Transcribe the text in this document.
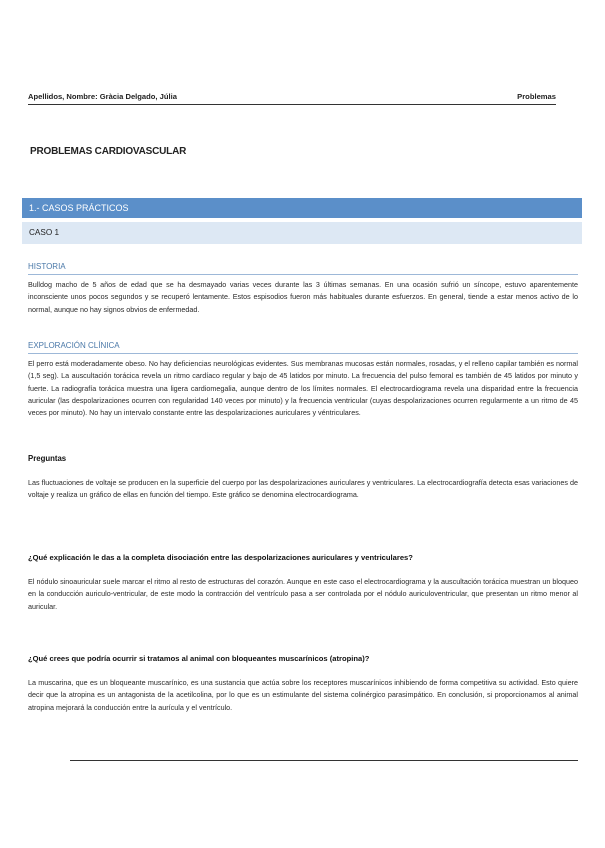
Apellidos, Nombre: Gràcia Delgado, Júlia	Problemas
PROBLEMAS CARDIOVASCULAR
1.- CASOS PRÁCTICOS
CASO 1
HISTORIA
Bulldog macho de 5 años de edad que se ha desmayado varias veces durante las 3 últimas semanas. En una ocasión sufrió un síncope, estuvo aparentemente inconsciente unos pocos segundos y se recuperó lentamente. Estos espisodios fueron más habituales durante esfuerzos. En general, tiende a estar menos activo de lo normal, aunque no hay signos obvios de enfermedad.
EXPLORACIÓN CLÍNICA
El perro está moderadamente obeso. No hay deficiencias neurológicas evidentes. Sus membranas mucosas están normales, rosadas, y el relleno capilar también es normal (1,5 seg). La auscultación torácica revela un ritmo cardíaco regular y bajo de 45 latidos por minuto. La frecuencia del pulso femoral es también de 45 latidos por minuto y fuerte. La radiografía torácica muestra una ligera cardiomegalia, aunque dentro de los límites normales. El electrocardiograma revela una disparidad entre la frecuencia auricular (las despolarizaciones ocurren con regularidad 140 veces por minuto) y la frecuencia ventricular (cuyas despolarizaciones ocurren regularmente a un ritmo de 45 veces por minuto). No hay un intervalo constante entre las despolarizaciones auriculares y véntriculares.
Preguntas
Las fluctuaciones de voltaje se producen en la superficie del cuerpo por las despolarizaciones auriculares y ventriculares. La electrocardiografía detecta esas variaciones de voltaje y realiza un gráfico de ellas en función del tiempo. Este gráfico se denomina electrocardiograma.
¿Qué explicación le das a la completa disociación entre las despolarizaciones auriculares y ventriculares?
El nódulo sinoauricular suele marcar el ritmo al resto de estructuras del corazón. Aunque en este caso el electrocardiograma y la auscultación torácica muestran un bloqueo en la conducción auriculo-ventricular, de este modo la contracción del ventrículo pasa a ser controlada por el nódulo auriculoventricular, que presentan un ritmo menor al auricular.
¿Qué crees que podría ocurrir si tratamos al animal con bloqueantes muscarínicos (atropina)?
La muscarina, que es un bloqueante muscarínico, es una sustancia que actúa sobre los receptores muscarínicos inhibiendo de forma competitiva su actividad. Esto quiere decir que la atropina es un antagonista de la acetilcolina, por lo que es un estimulante del sistema colinérgico parasimpático. En conclusión, si proporcionamos al animal atropina mejorará la conducción entre la aurícula y el ventrículo.
